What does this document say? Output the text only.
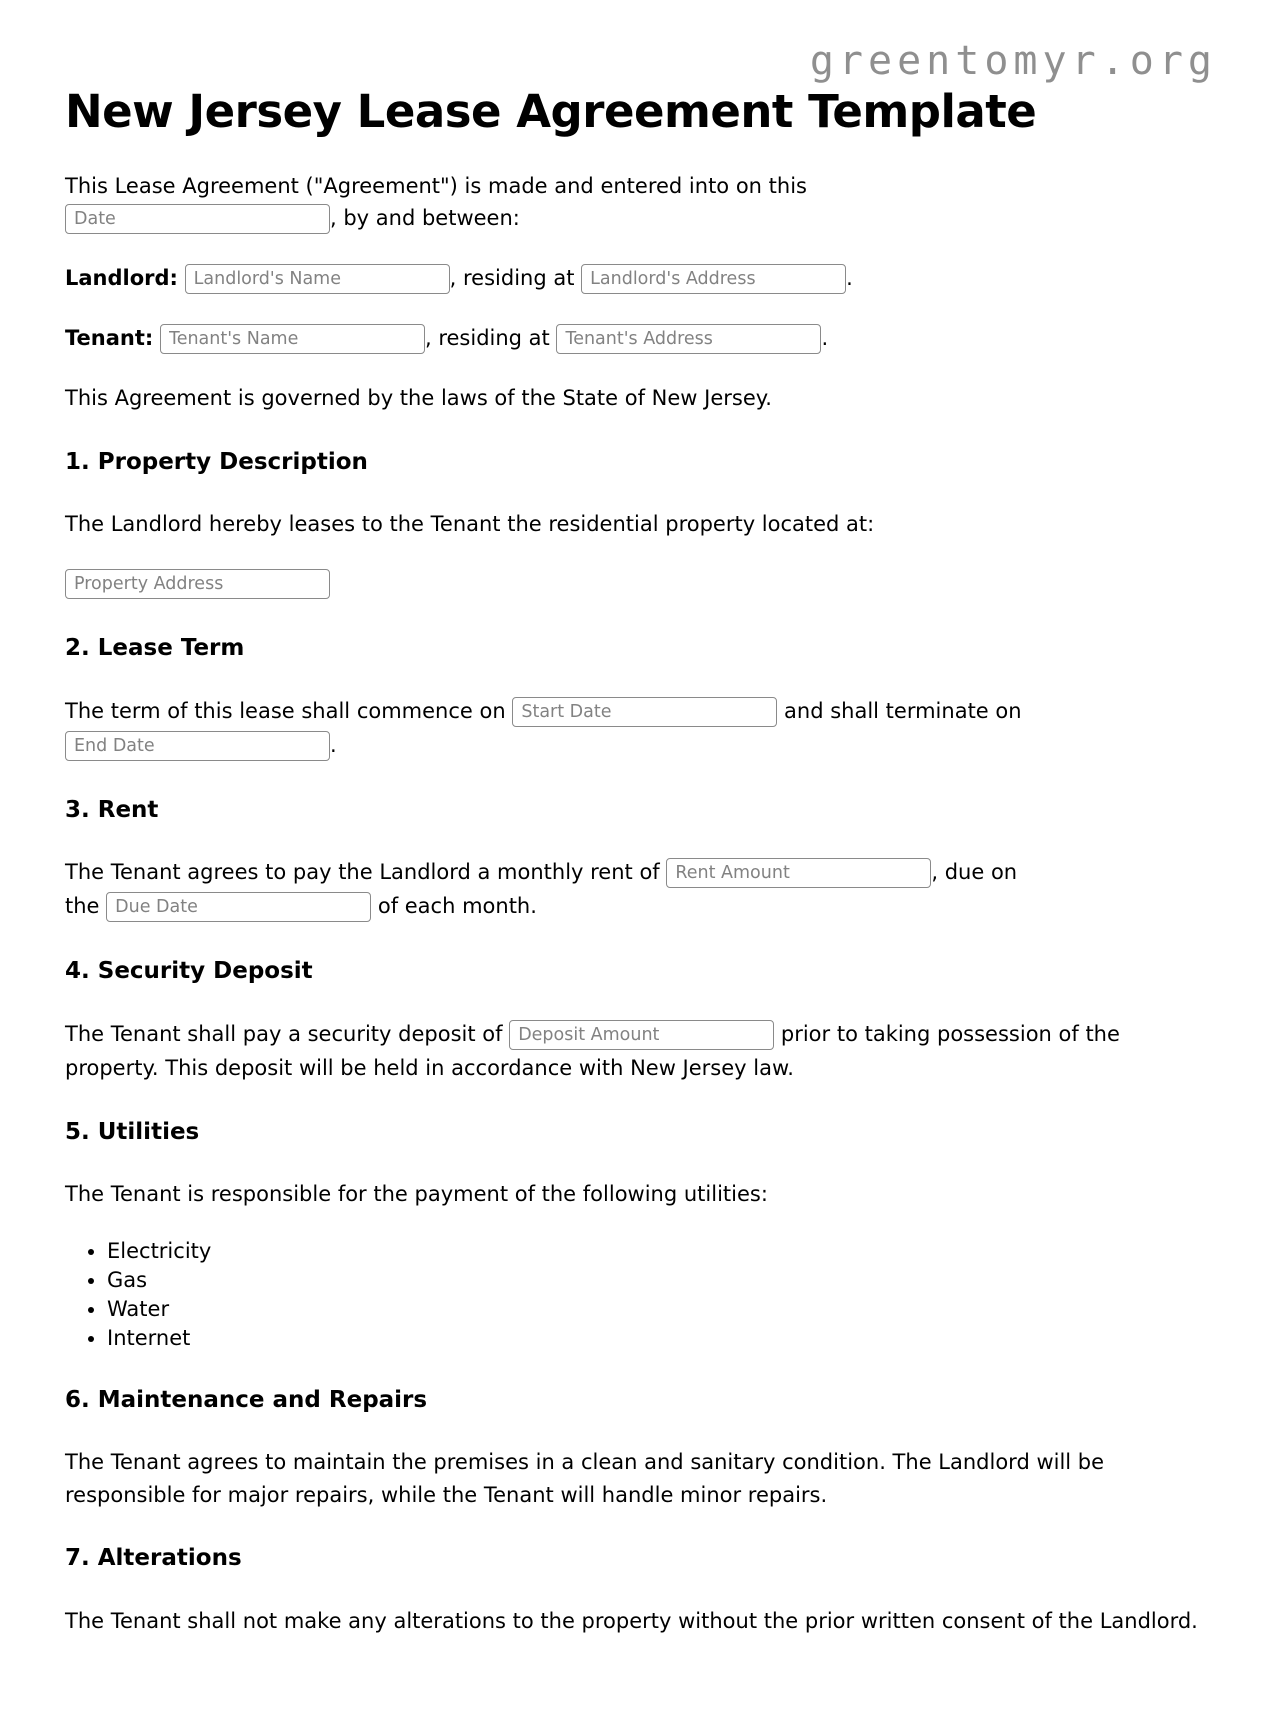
greentomyr.org
New Jersey Lease Agreement Template
This Lease Agreement ("Agreement") is made and entered into on this
Date, by and between:
Landlord: Landlord's Name	, residing at Landlord's Address	.
Tenant: Tenant's Name	, residing at Tenant's Address	.

This Agreement is governed by the laws of the State of New Jersey.

1. Property Description

The Landlord hereby leases to the Tenant the residential property located at:

Property Address
2. Lease Term
The term of this lease shall commence on Start Date	and shall terminate on
End Date.
3. Rent
The Tenant agrees to pay the Landlord a monthly rent of Rent Amount	, due on
the Due Date	of each month.
4. Security Deposit
The Tenant shall pay a security deposit of Deposit Amount	prior to taking possession of the property. This deposit will be held in accordance with New Jersey law.
5. Utilities

The Tenant is responsible for the payment of the following utilities:

• Electricity
• Gas
• Water
• Internet
6. Maintenance and Repairs

The Tenant agrees to maintain the premises in a clean and sanitary condition. The Landlord will be responsible for major repairs, while the Tenant will handle minor repairs.

7. Alterations

The Tenant shall not make any alterations to the property without the prior written consent of the Landlord.
